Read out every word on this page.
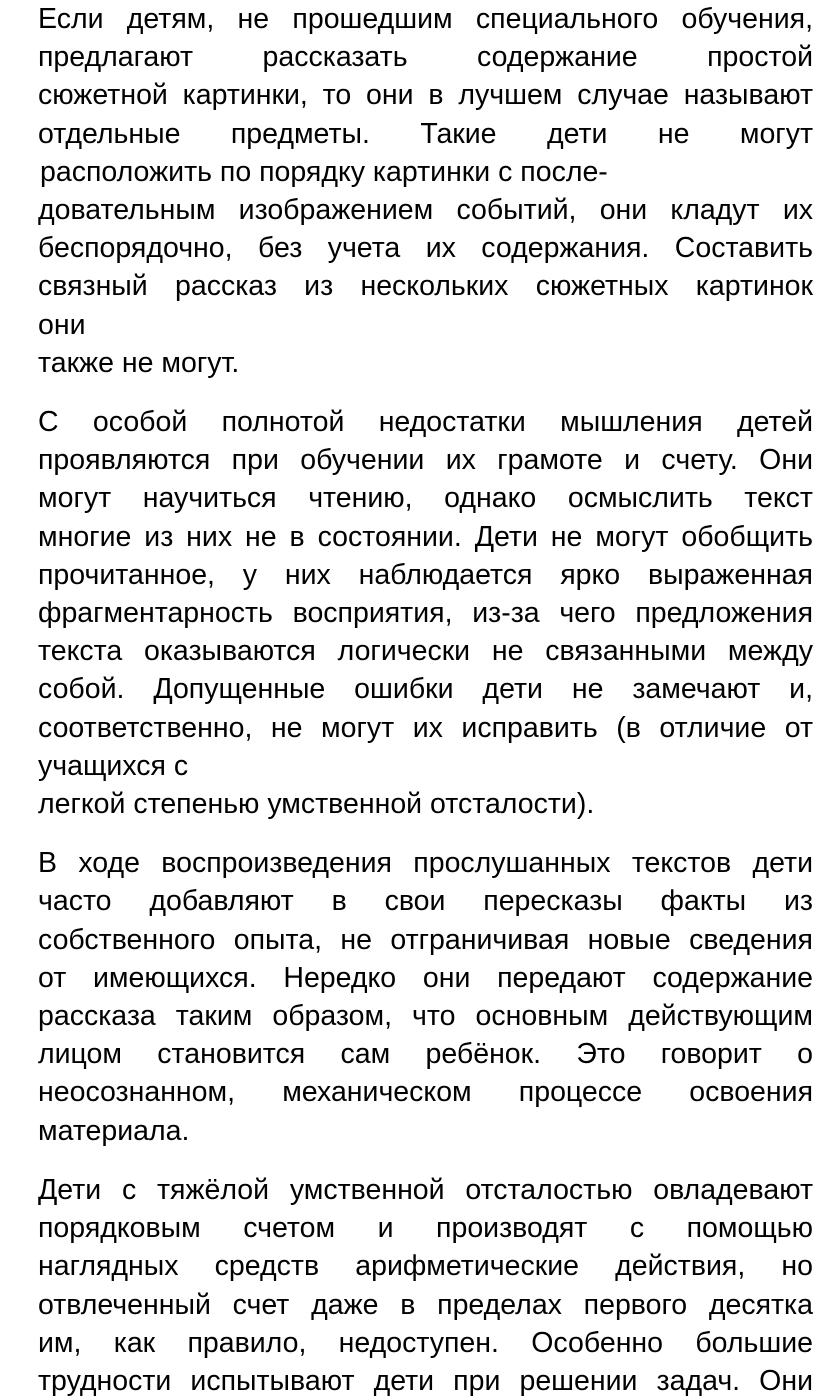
Если детям, не прошедшим специального обучения,
предлагают рассказать содержание простой
сюжетной картинки, то они в лучшем случае называют
отдельные предметы. Такие дети не могут
расположить по порядку картинки с после-
довательным изображением событий, они кладут их
беспорядочно, без учета их содержания. Составить
связный рассказ из нескольких сюжетных картинок
они
также не могут.

С особой полнотой недостатки мышления детей
проявляются при обучении их грамоте и счету. Они
могут научиться чтению, однако осмыслить текст
многие из них не в состоянии. Дети не могут обобщить
прочитанное, у них наблюдается ярко выраженная
фрагментарность восприятия, из-за чего предложения
текста оказываются логически не связанными между
собой. Допущенные ошибки дети не замечают и,
соответственно, не могут их исправить (в отличие от
учащихся с
легкой степенью умственной отсталости).

В ходе воспроизведения прослушанных текстов дети
часто добавляют в свои пересказы факты из
собственного опыта, не отграничивая новые сведения
от имеющихся. Нередко они передают содержание
рассказа таким образом, что основным действующим
лицом становится сам ребёнок. Это говорит о
неосознанном, механическом процессе освоения
материала.

Дети с тяжёлой умственной отсталостью овладевают
порядковым счетом и производят с помощью
наглядных средств арифметические действия, но
отвлеченный счет даже в пределах первого десятка
им, как правило, недоступен. Особенно большие
трудности испытывают дети при решении задач. Они
